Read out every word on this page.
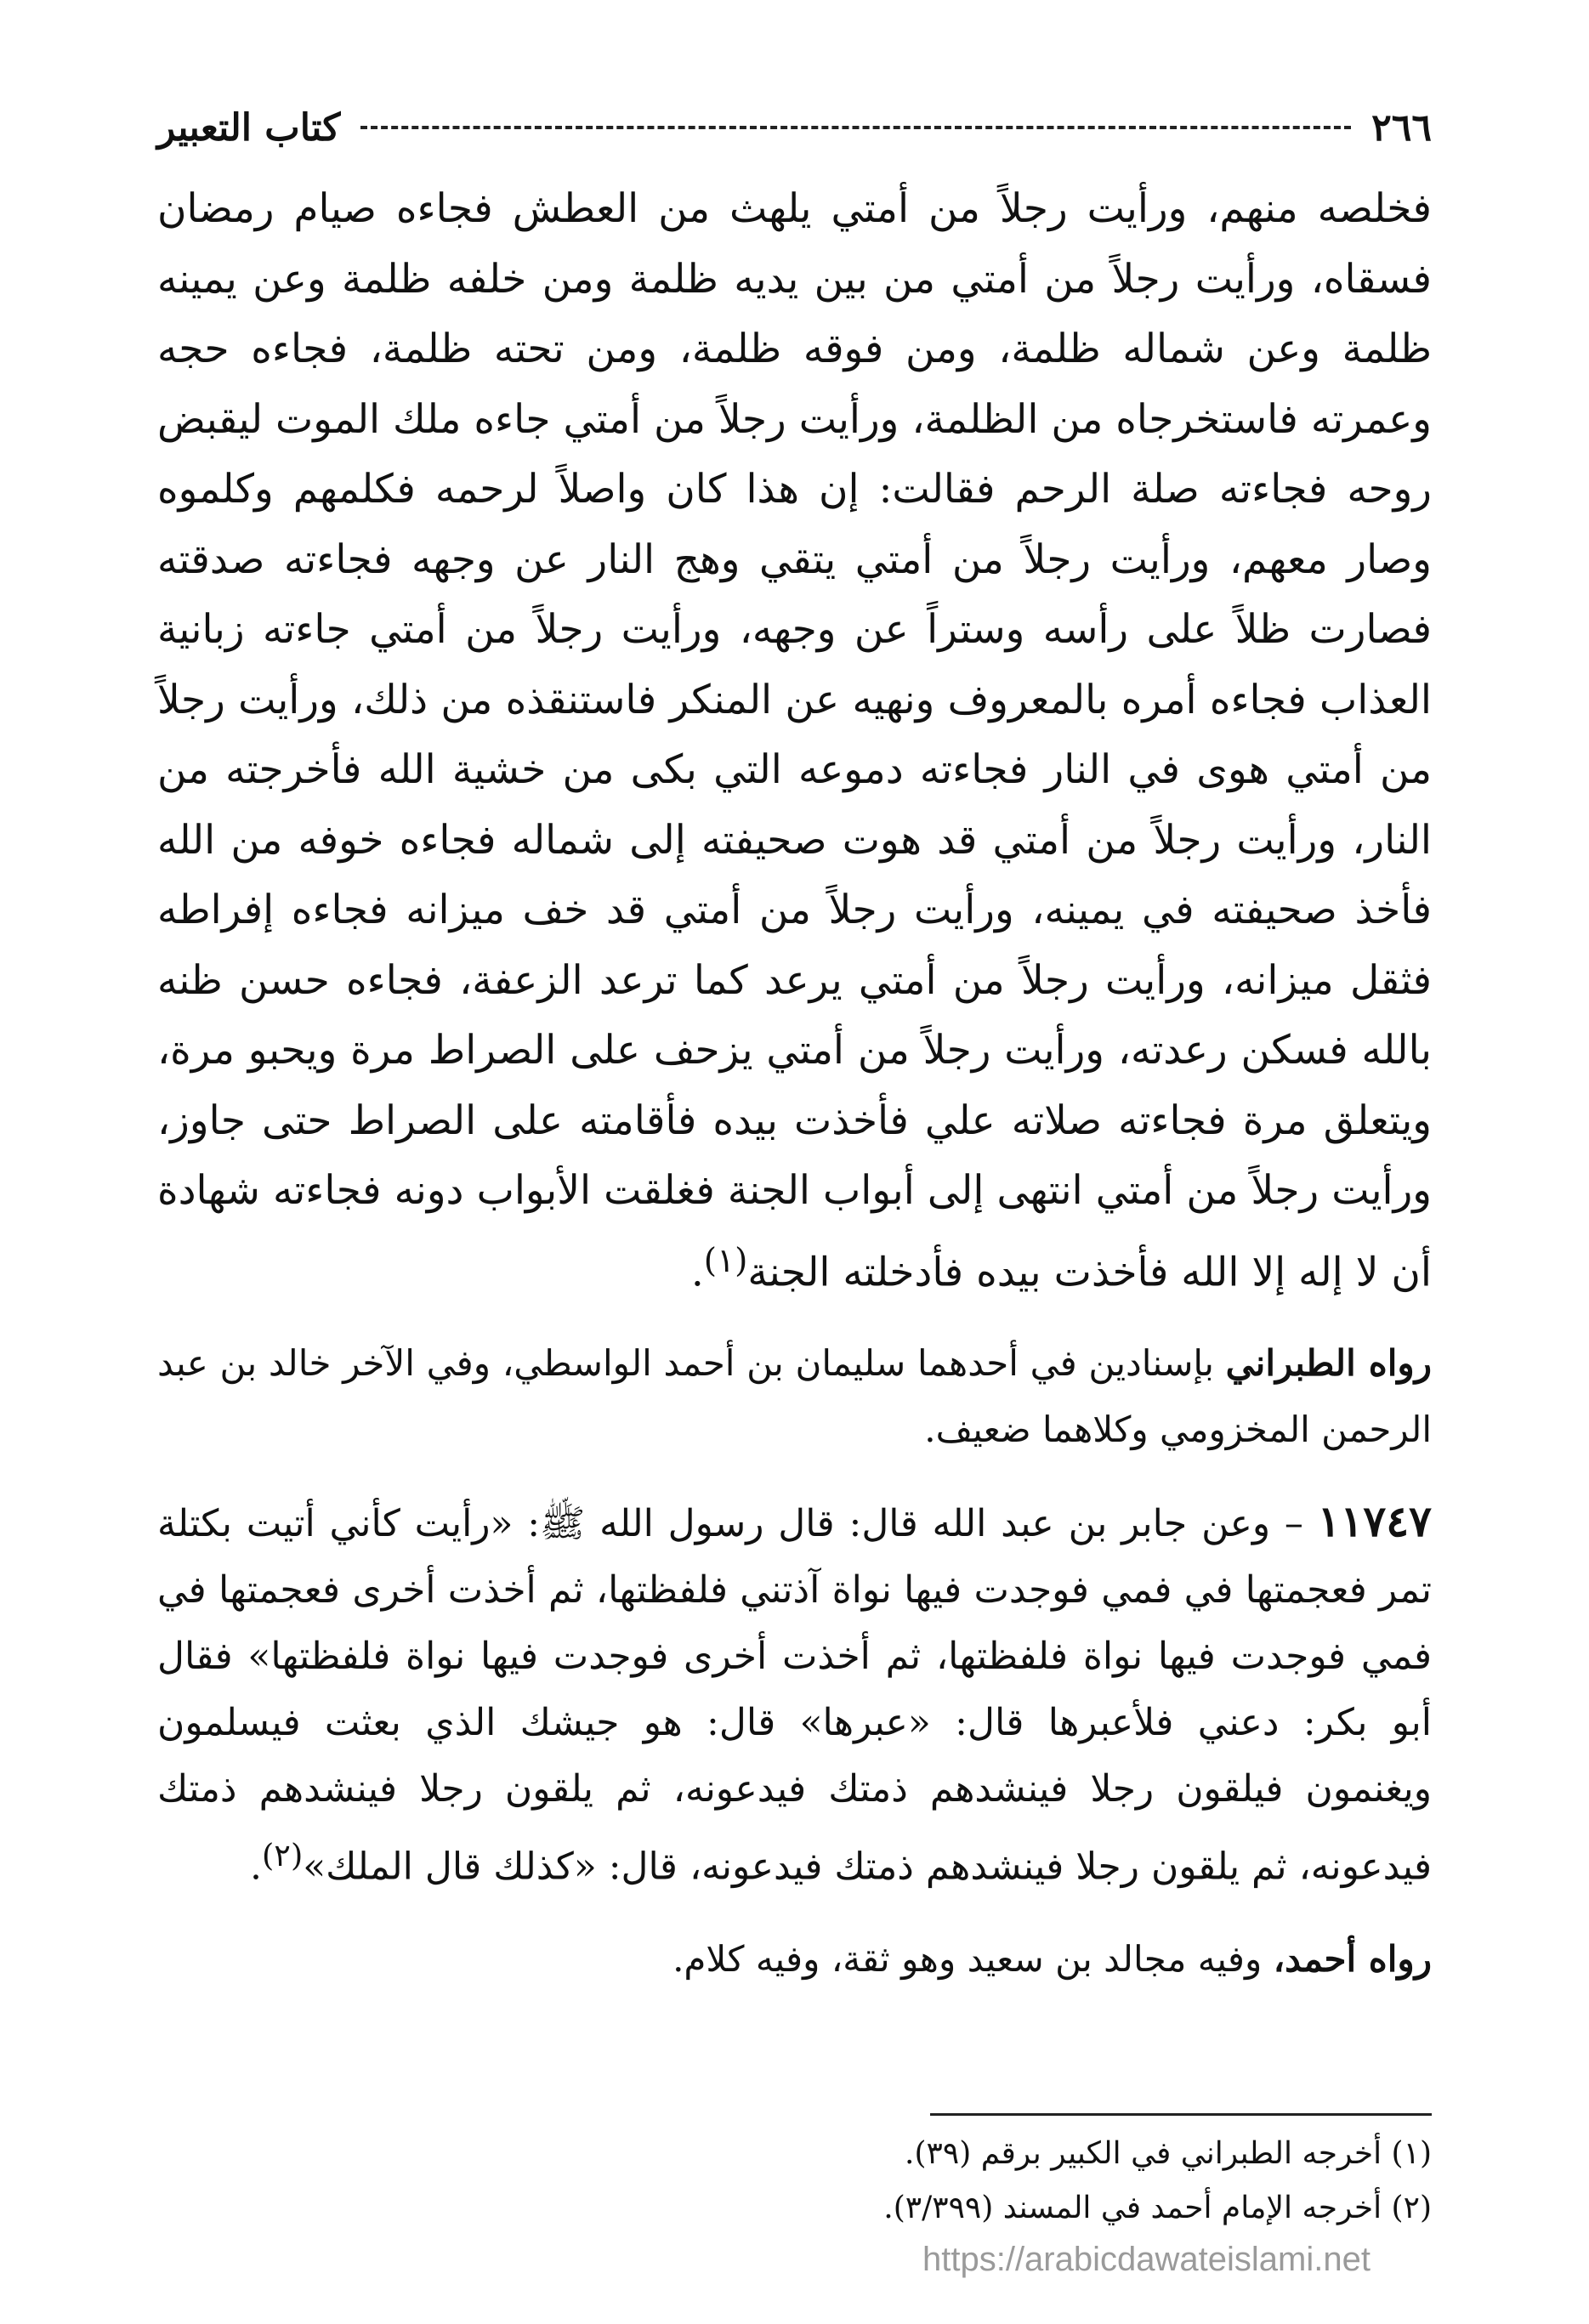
٢٦٦
كتاب التعبير

فخلصه منهم، ورأيت رجلاً من أمتي يلهث من العطش فجاءه صيام رمضان فسقاه، ورأيت رجلاً من أمتي من بين يديه ظلمة ومن خلفه ظلمة وعن يمينه ظلمة وعن شماله ظلمة، ومن فوقه ظلمة، ومن تحته ظلمة، فجاءه حجه وعمرته فاستخرجاه من الظلمة، ورأيت رجلاً من أمتي جاءه ملك الموت ليقبض روحه فجاءته صلة الرحم فقالت: إن هذا كان واصلاً لرحمه فكلمهم وكلموه وصار معهم، ورأيت رجلاً من أمتي يتقي وهج النار عن وجهه فجاءته صدقته فصارت ظلاً على رأسه وستراً عن وجهه، ورأيت رجلاً من أمتي جاءته زبانية العذاب فجاءه أمره بالمعروف ونهيه عن المنكر فاستنقذه من ذلك، ورأيت رجلاً من أمتي هوى في النار فجاءته دموعه التي بكى من خشية الله فأخرجته من النار، ورأيت رجلاً من أمتي قد هوت صحيفته إلى شماله فجاءه خوفه من الله فأخذ صحيفته في يمينه، ورأيت رجلاً من أمتي قد خف ميزانه فجاءه إفراطه فثقل ميزانه، ورأيت رجلاً من أمتي يرعد كما ترعد الزعفة، فجاءه حسن ظنه بالله فسكن رعدته، ورأيت رجلاً من أمتي يزحف على الصراط مرة ويحبو مرة، ويتعلق مرة فجاءته صلاته علي فأخذت بيده فأقامته على الصراط حتى جاوز، ورأيت رجلاً من أمتي انتهى إلى أبواب الجنة فغلقت الأبواب دونه فجاءته شهادة أن لا إله إلا الله فأخذت بيده فأدخلته الجنة$^{(١)}$.

رواه الطبراني بإسنادين في أحدهما سليمان بن أحمد الواسطي، وفي الآخر خالد بن عبد الرحمن المخزومي وكلاهما ضعيف.

١١٧٤٧ – وعن جابر بن عبد الله قال: قال رسول الله ﷺ: «رأيت كأني أتيت بكتلة تمر فعجمتها في فمي فوجدت فيها نواة آذتني فلفظتها، ثم أخذت أخرى فعجمتها في فمي فوجدت فيها نواة فلفظتها، ثم أخذت أخرى فوجدت فيها نواة فلفظتها» فقال أبو بكر: دعني فلأعبرها قال: «عبرها» قال: هو جيشك الذي بعثت فيسلمون ويغنمون فيلقون رجلا فينشدهم ذمتك فيدعونه، ثم يلقون رجلا فينشدهم ذمتك فيدعونه، ثم يلقون رجلا فينشدهم ذمتك فيدعونه، قال: «كذلك قال الملك»$^{(٢)}$.

رواه أحمد، وفيه مجالد بن سعيد وهو ثقة، وفيه كلام.

(١) أخرجه الطبراني في الكبير برقم (٣٩).

(٢) أخرجه الإمام أحمد في المسند (٣/٣٩٩).

https://arabicdawateislami.net
